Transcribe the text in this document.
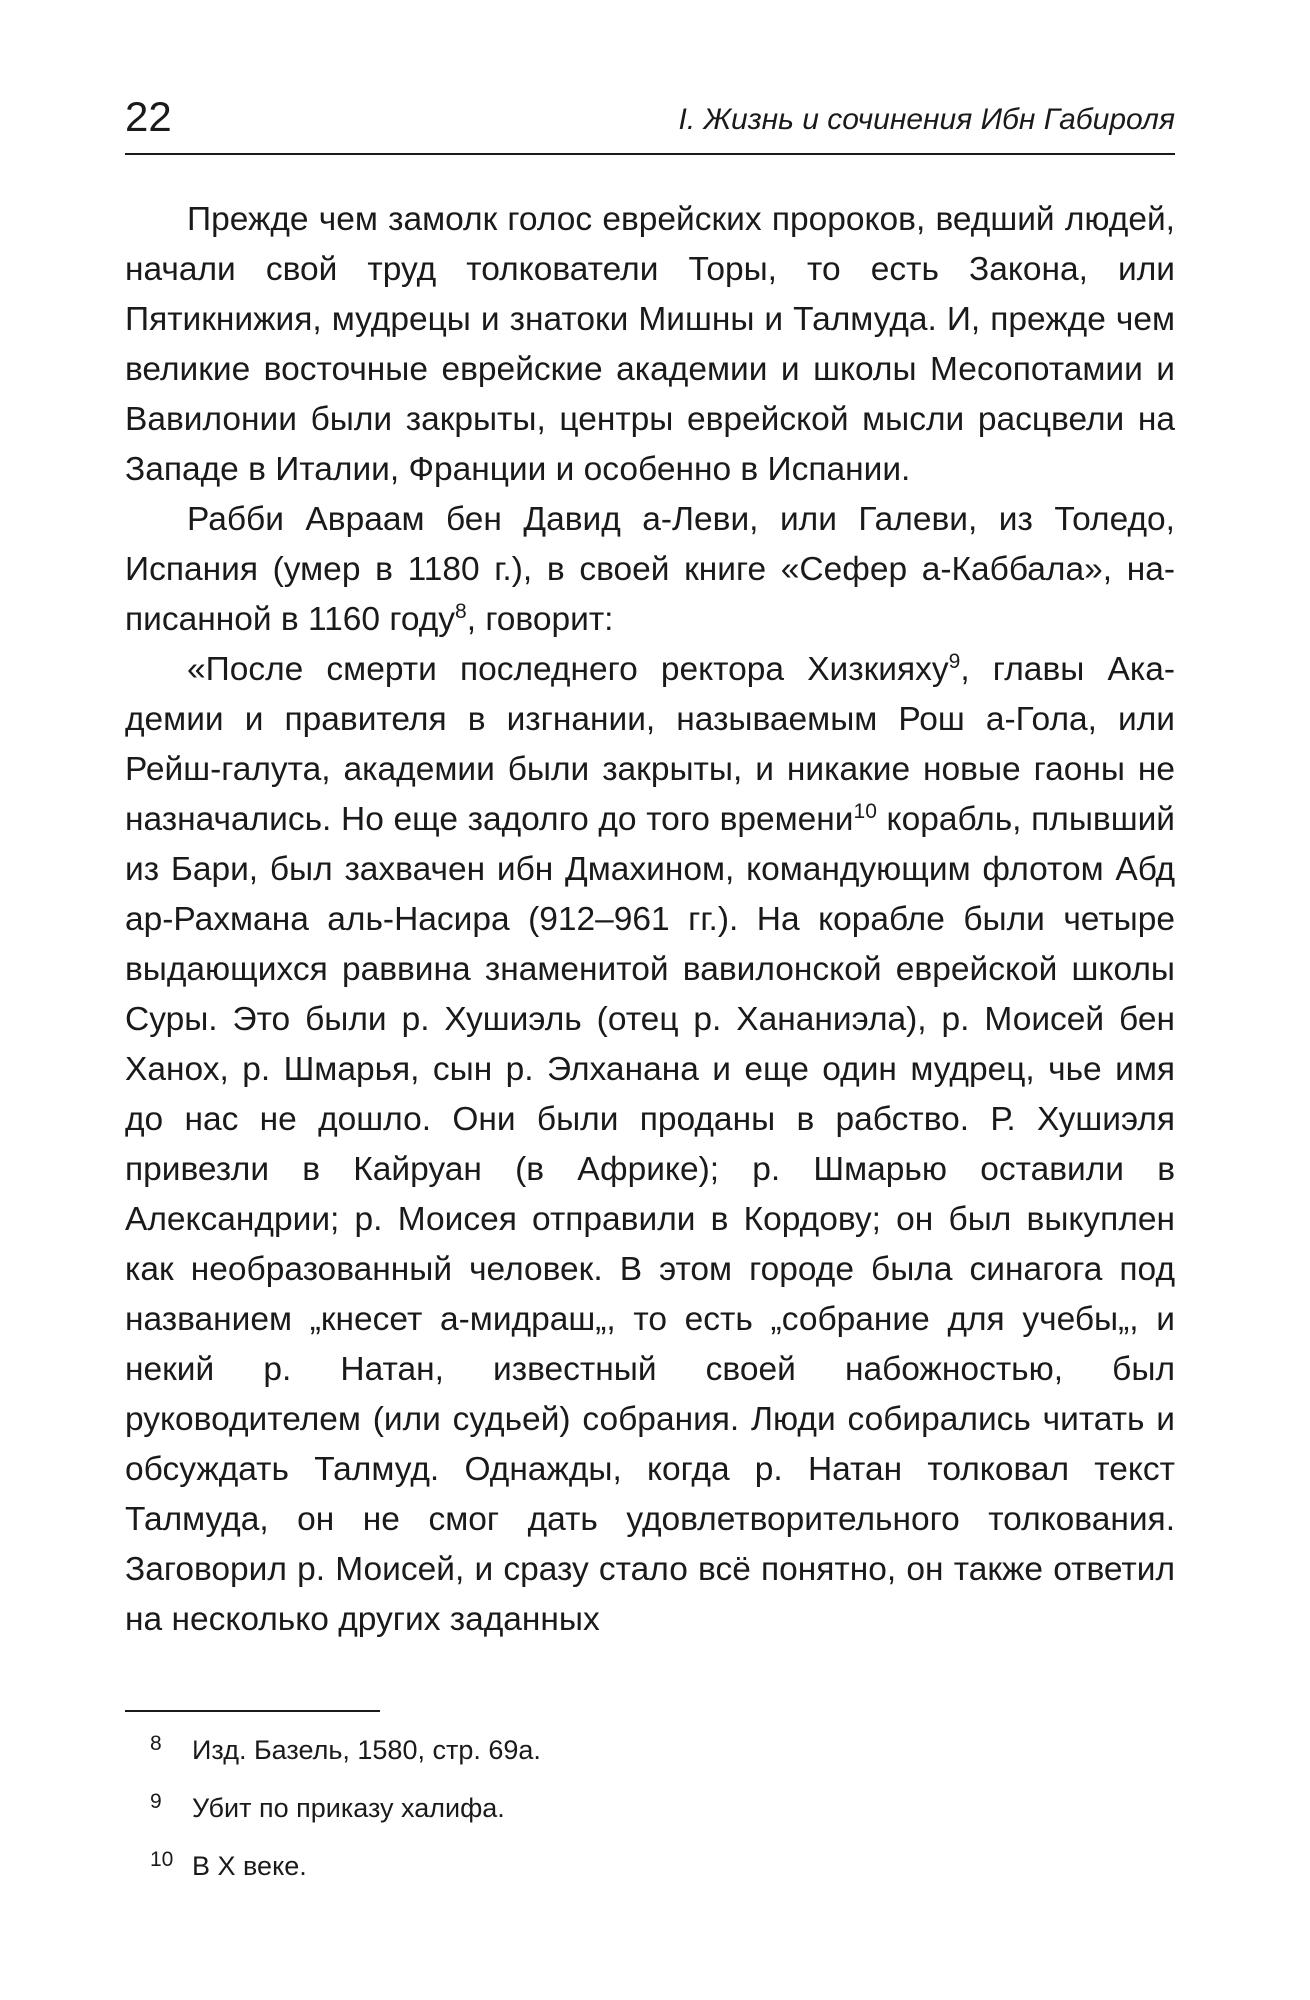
22	I. Жизнь и сочинения Ибн Габироля

Прежде чем замолк голос еврейских пророков, ведший людей, начали свой труд толкователи Торы, то есть Закона, или Пятикнижия, мудрецы и знатоки Мишны и Талмуда. И, прежде чем великие восточные еврейские академии и школы Месопотамии и Вавилонии были закрыты, центры еврейской мысли расцвели на Западе в Италии, Франции и особенно в Испании.

Рабби Авраам бен Давид а-Леви, или Галеви, из Толедо, Испания (умер в 1180 г.), в своей книге «Сефер а-Каббала», написанной в 1160 году$^8$, говорит:

«После смерти последнего ректора Хизкияху$^9$, главы Академии и правителя в изгнании, называемым Рош а-Гола, или Рейш-галута, академии были закрыты, и никакие новые гаоны не назначались. Но еще задолго до того времени$^{10}$ корабль, плывший из Бари, был захвачен ибн Дмахином, командующим флотом Абд ар-Рахмана аль-Насира (912–961 гг.). На корабле были четыре выдающихся раввина знаменитой вавилонской еврейской школы Суры. Это были р. Хушиэль (отец р. Хананиэла), р. Моисей бен Ханох, р. Шмарья, сын р. Элханана и еще один мудрец, чье имя до нас не дошло. Они были проданы в рабство. Р. Хушиэля привезли в Кайруан (в Африке); р. Шмарью оставили в Александрии; р. Моисея отправили в Кордову; он был выкуплен как необразованный человек. В этом городе была синагога под названием „кнесет а-мидраш„, то есть „собрание для учебы„, и некий р. Натан, известный своей набожностью, был руководителем (или судьей) собрания. Люди собирались читать и обсуждать Талмуд. Однажды, когда р. Натан толковал текст Талмуда, он не смог дать удовлетворительного толкования. Заговорил р. Моисей, и сразу стало всё понятно, он также ответил на несколько других заданных

8 Изд. Базель, 1580, стр. 69а.
9 Убит по приказу халифа.
10 В X веке.
